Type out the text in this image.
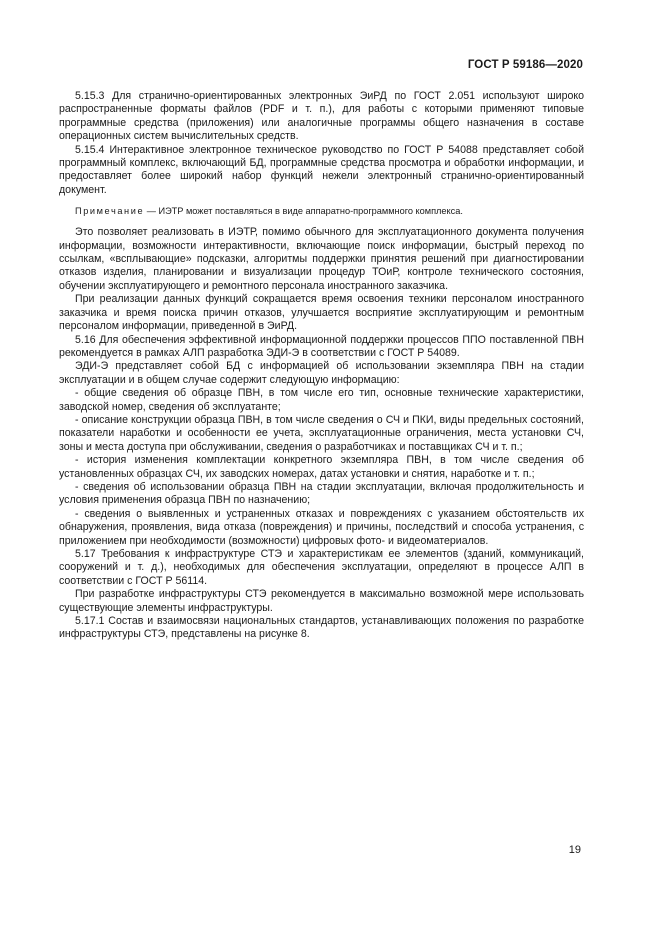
ГОСТ Р 59186—2020

5.15.3 Для странично-ориентированных электронных ЭиРД по ГОСТ 2.051 используют широко распространенные форматы файлов (PDF и т. п.), для работы с которыми применяют типовые программные средства (приложения) или аналогичные программы общего назначения в составе операционных систем вычислительных средств.

5.15.4 Интерактивное электронное техническое руководство по ГОСТ Р 54088 представляет собой программный комплекс, включающий БД, программные средства просмотра и обработки информации, и предоставляет более широкий набор функций нежели электронный странично-ориентированный документ.

Примечание — ИЭТР может поставляться в виде аппаратно-программного комплекса.

Это позволяет реализовать в ИЭТР, помимо обычного для эксплуатационного документа получения информации, возможности интерактивности, включающие поиск информации, быстрый переход по ссылкам, «всплывающие» подсказки, алгоритмы поддержки принятия решений при диагностировании отказов изделия, планировании и визуализации процедур ТОиР, контроле технического состояния, обучении эксплуатирующего и ремонтного персонала иностранного заказчика.

При реализации данных функций сокращается время освоения техники персоналом иностранного заказчика и время поиска причин отказов, улучшается восприятие эксплуатирующим и ремонтным персоналом информации, приведенной в ЭиРД.

5.16 Для обеспечения эффективной информационной поддержки процессов ППО поставленной ПВН рекомендуется в рамках АЛП разработка ЭДИ-Э в соответствии с ГОСТ Р 54089.

ЭДИ-Э представляет собой БД с информацией об использовании экземпляра ПВН на стадии эксплуатации и в общем случае содержит следующую информацию:

- общие сведения об образце ПВН, в том числе его тип, основные технические характеристики, заводской номер, сведения об эксплуатанте;

- описание конструкции образца ПВН, в том числе сведения о СЧ и ПКИ, виды предельных состояний, показатели наработки и особенности ее учета, эксплуатационные ограничения, места установки СЧ, зоны и места доступа при обслуживании, сведения о разработчиках и поставщиках СЧ и т. п.;

- история изменения комплектации конкретного экземпляра ПВН, в том числе сведения об установленных образцах СЧ, их заводских номерах, датах установки и снятия, наработке и т. п.;

- сведения об использовании образца ПВН на стадии эксплуатации, включая продолжительность и условия применения образца ПВН по назначению;

- сведения о выявленных и устраненных отказах и повреждениях с указанием обстоятельств их обнаружения, проявления, вида отказа (повреждения) и причины, последствий и способа устранения, с приложением при необходимости (возможности) цифровых фото- и видеоматериалов.

5.17 Требования к инфраструктуре СТЭ и характеристикам ее элементов (зданий, коммуникаций, сооружений и т. д.), необходимых для обеспечения эксплуатации, определяют в процессе АЛП в соответствии с ГОСТ Р 56114.

При разработке инфраструктуры СТЭ рекомендуется в максимально возможной мере использовать существующие элементы инфраструктуры.

5.17.1 Состав и взаимосвязи национальных стандартов, устанавливающих положения по разработке инфраструктуры СТЭ, представлены на рисунке 8.

19
